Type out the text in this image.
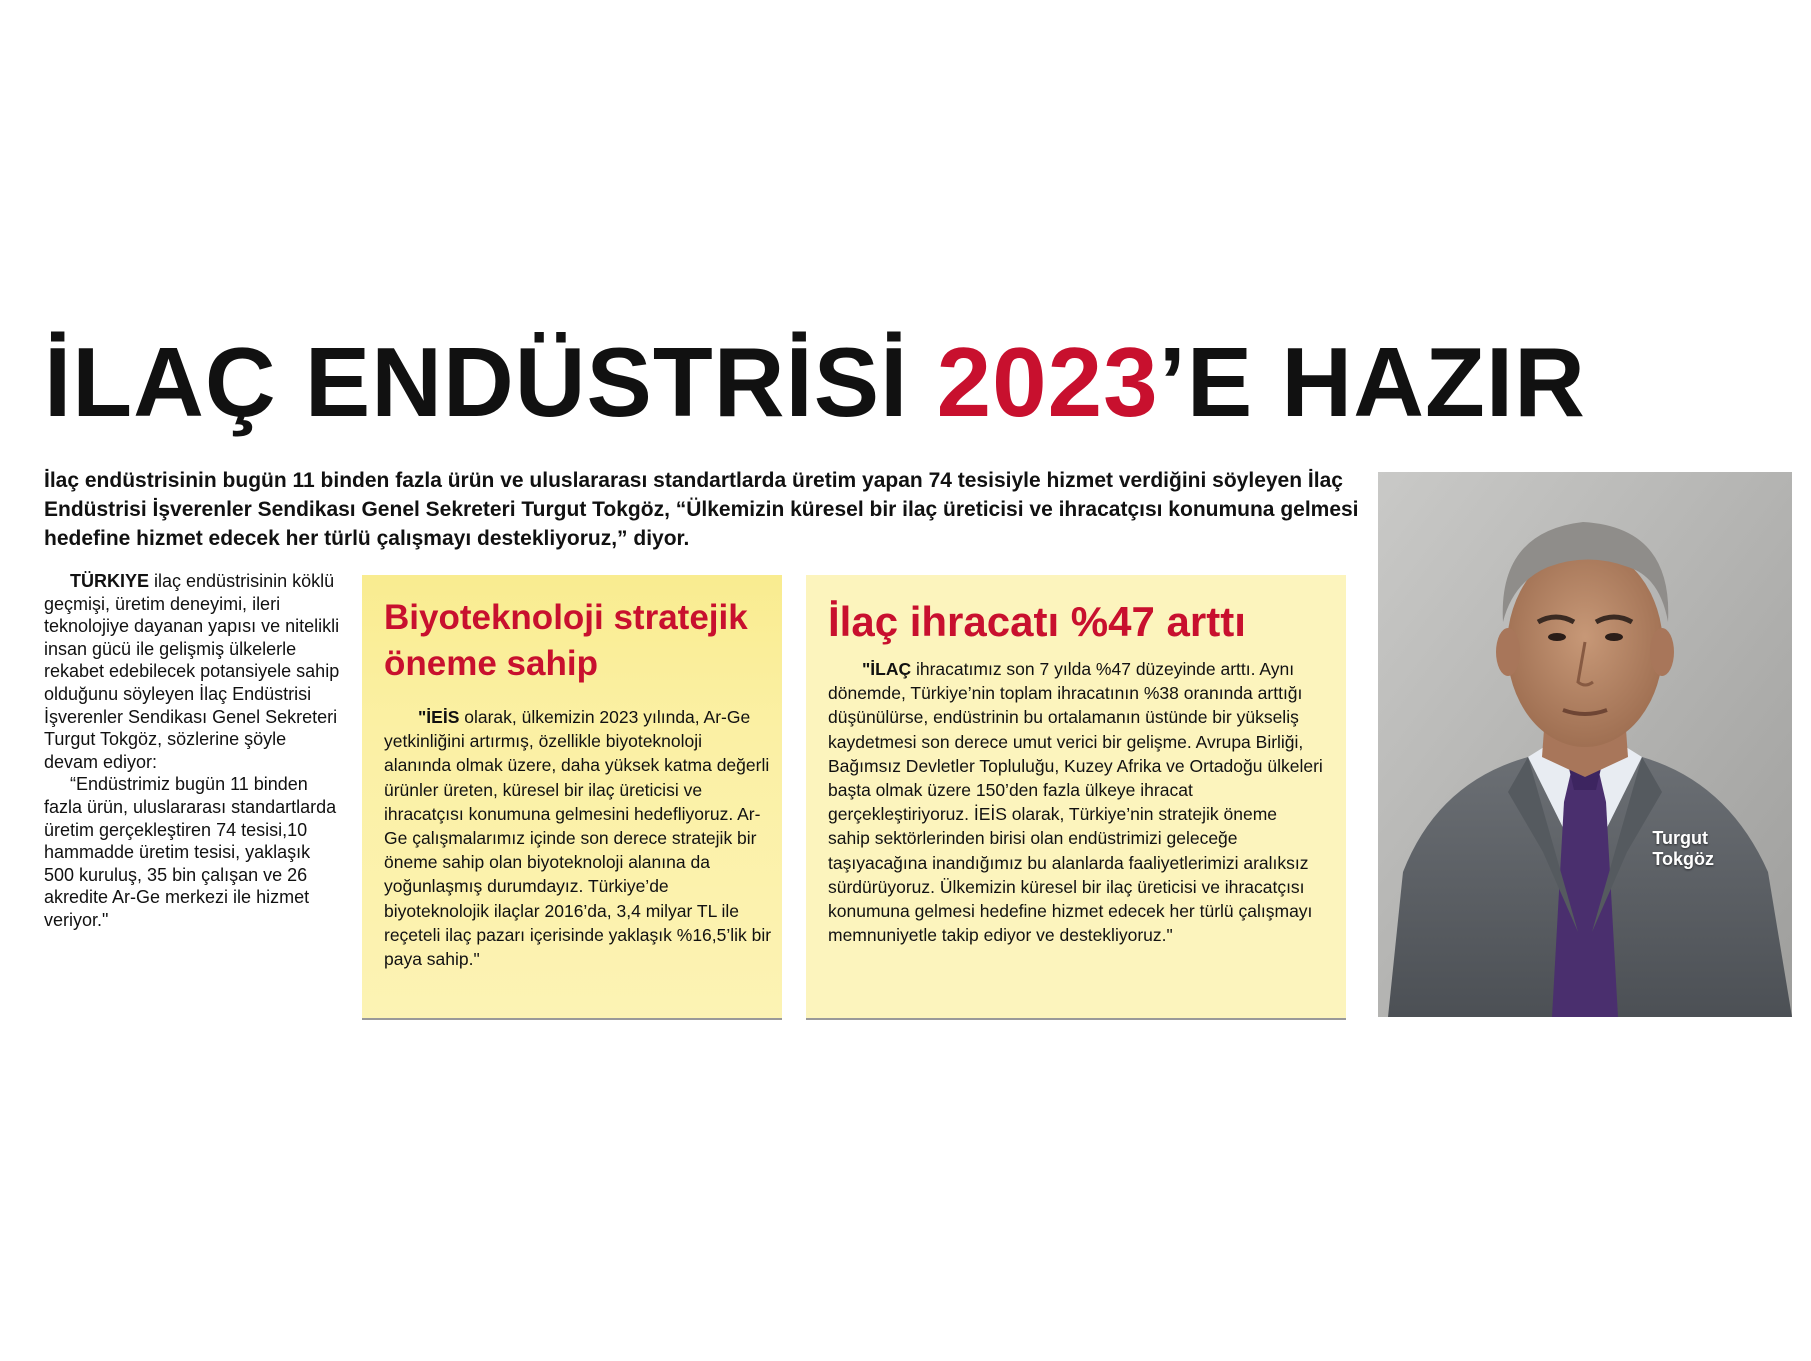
İLAÇ ENDÜSTRİSİ 2023’E HAZIR

İlaç endüstrisinin bugün 11 binden fazla ürün ve uluslararası standartlarda üretim yapan 74 tesisiyle hizmet verdiğini söyleyen İlaç Endüstrisi İşverenler Sendikası Genel Sekreteri Turgut Tokgöz, “Ülkemizin küresel bir ilaç üreticisi ve ihracatçısı konumuna gelmesi hedefine hizmet edecek her türlü çalışmayı destekliyoruz,” diyor.

TÜRKIYE ilaç endüstrisinin köklü geçmişi, üretim deneyimi, ileri teknolojiye dayanan yapısı ve nitelikli insan gücü ile gelişmiş ülkelerle rekabet edebilecek potansiyele sahip olduğunu söyleyen İlaç Endüstrisi İşverenler Sendikası Genel Sekreteri Turgut Tokgöz, sözlerine şöyle devam ediyor:

“Endüstrimiz bugün 11 binden fazla ürün, uluslararası standartlarda üretim gerçekleştiren 74 tesisi,10 hammadde üretim tesisi, yaklaşık 500 kuruluş, 35 bin çalışan ve 26 akredite Ar-Ge merkezi ile hizmet veriyor."

Biyoteknoloji stratejik öneme sahip

"İEİS olarak, ülkemizin 2023 yılında, Ar-Ge yetkinliğini artırmış, özellikle biyoteknoloji alanında olmak üzere, daha yüksek katma değerli ürünler üreten, küresel bir ilaç üreticisi ve ihracatçısı konumuna gelmesini hedefliyoruz. Ar-Ge çalışmalarımız içinde son derece stratejik bir öneme sahip olan biyoteknoloji alanına da yoğunlaşmış durumdayız. Türkiye’de biyoteknolojik ilaçlar 2016’da, 3,4 milyar TL ile reçeteli ilaç pazarı içerisinde yaklaşık %16,5’lik bir paya sahip."

İlaç ihracatı %47 arttı

"İLAÇ ihracatımız son 7 yılda %47 düzeyinde arttı. Aynı dönemde, Türkiye’nin toplam ihracatının %38 oranında arttığı düşünülürse, endüstrinin bu ortalamanın üstünde bir yükseliş kaydetmesi son derece umut verici bir gelişme. Avrupa Birliği, Bağımsız Devletler Topluluğu, Kuzey Afrika ve Ortadoğu ülkeleri başta olmak üzere 150’den fazla ülkeye ihracat gerçekleştiriyoruz. İEİS olarak, Türkiye’nin stratejik öneme sahip sektörlerinden birisi olan endüstrimizi geleceğe taşıyacağına inandığımız bu alanlarda faaliyetlerimizi aralıksız sürdürüyoruz. Ülkemizin küresel bir ilaç üreticisi ve ihracatçısı konumuna gelmesi hedefine hizmet edecek her türlü çalışmayı memnuniyetle takip ediyor ve destekliyoruz."

Turgut
Tokgöz
